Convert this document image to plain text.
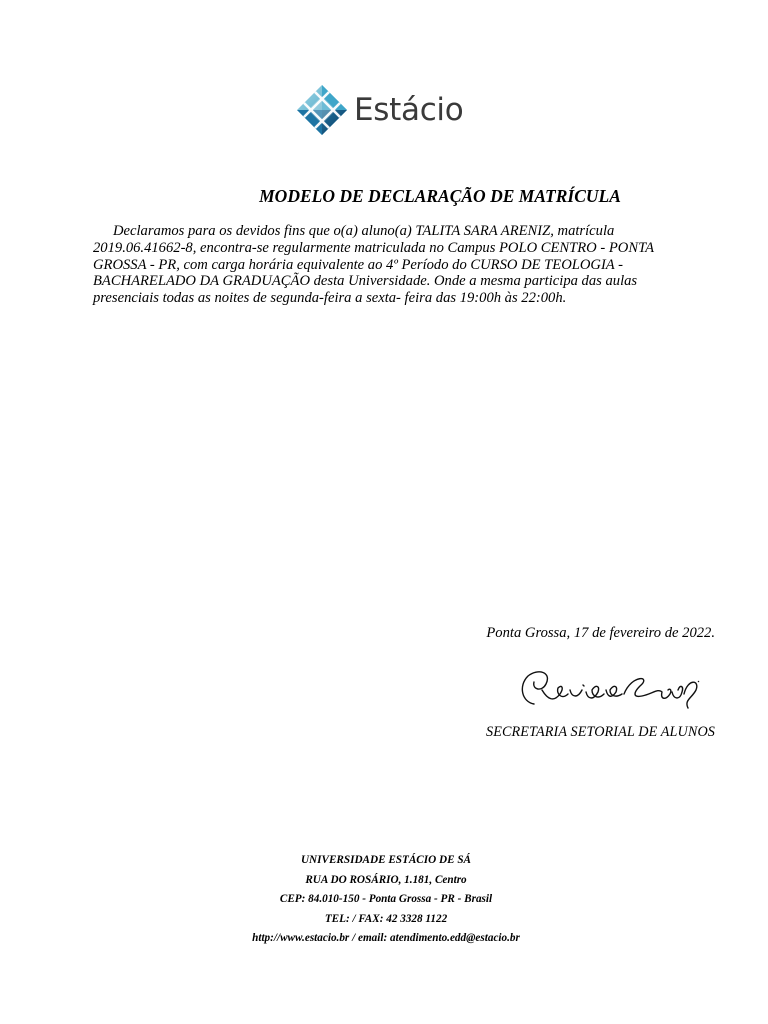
Estácio
MODELO DE DECLARAÇÃO DE MATRÍCULA

Declaramos para os devidos fins que o(a) aluno(a) TALITA SARA ARENIZ, matrícula 2019.06.41662-8, encontra-se regularmente matriculada no Campus POLO CENTRO - PONTA GROSSA - PR, com carga horária equivalente ao 4º Período do CURSO DE TEOLOGIA - BACHARELADO DA GRADUAÇÃO desta Universidade. Onde a mesma participa das aulas presenciais todas as noites de segunda-feira a sexta- feira das 19:00h às 22:00h.

Ponta Grossa, 17 de fevereiro de 2022.
SECRETARIA SETORIAL DE ALUNOS
UNIVERSIDADE ESTÁCIO DE SÁ
RUA DO ROSÁRIO, 1.181, Centro
CEP: 84.010-150 - Ponta Grossa - PR - Brasil
TEL: / FAX: 42 3328 1122
http://www.estacio.br / email: atendimento.edd@estacio.br
